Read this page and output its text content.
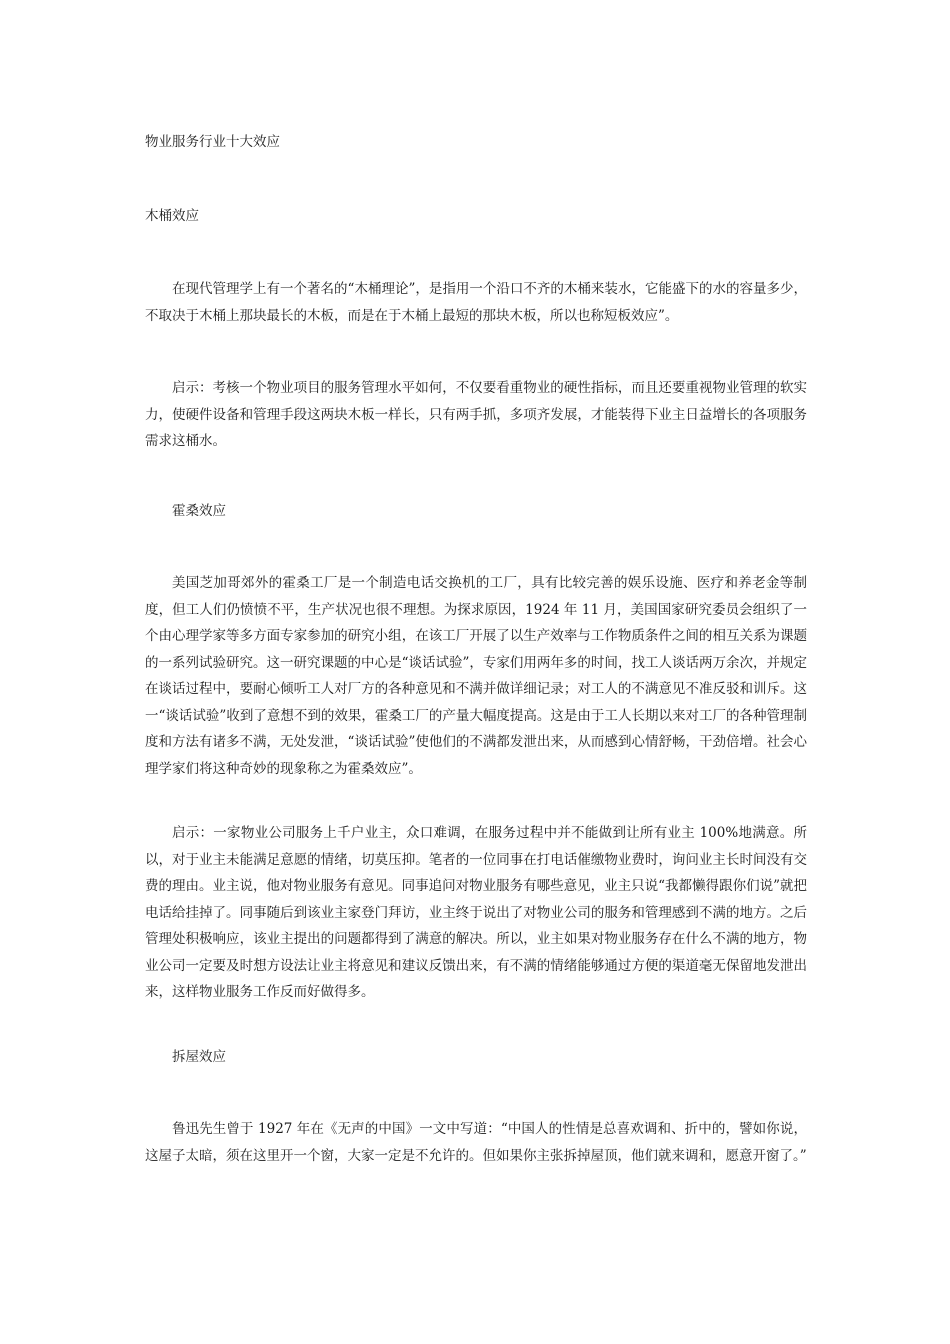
物业服务行业十大效应

木桶效应

在现代管理学上有一个著名的“木桶理论”，是指用一个沿口不齐的木桶来装水，它能盛下的水的容量多少，不取决于木桶上那块最长的木板，而是在于木桶上最短的那块木板，所以也称短板效应”。

启示：考核一个物业项目的服务管理水平如何，不仅要看重物业的硬性指标，而且还要重视物业管理的软实力，使硬件设备和管理手段这两块木板一样长，只有两手抓，多项齐发展，才能装得下业主日益增长的各项服务需求这桶水。

霍桑效应

美国芝加哥郊外的霍桑工厂是一个制造电话交换机的工厂，具有比较完善的娱乐设施、医疗和养老金等制度，但工人们仍愤愤不平，生产状况也很不理想。为探求原因，1924 年 11 月，美国国家研究委员会组织了一个由心理学家等多方面专家参加的研究小组，在该工厂开展了以生产效率与工作物质条件之间的相互关系为课题的一系列试验研究。这一研究课题的中心是“谈话试验”，专家们用两年多的时间，找工人谈话两万余次，并规定在谈话过程中，要耐心倾听工人对厂方的各种意见和不满并做详细记录；对工人的不满意见不准反驳和训斥。这一“谈话试验”收到了意想不到的效果，霍桑工厂的产量大幅度提高。这是由于工人长期以来对工厂的各种管理制度和方法有诸多不满，无处发泄，“谈话试验”使他们的不满都发泄出来，从而感到心情舒畅，干劲倍增。社会心理学家们将这种奇妙的现象称之为霍桑效应”。

启示：一家物业公司服务上千户业主，众口难调，在服务过程中并不能做到让所有业主 100%地满意。所以，对于业主未能满足意愿的情绪，切莫压抑。笔者的一位同事在打电话催缴物业费时，询问业主长时间没有交费的理由。业主说，他对物业服务有意见。同事追问对物业服务有哪些意见，业主只说“我都懒得跟你们说”就把电话给挂掉了。同事随后到该业主家登门拜访，业主终于说出了对物业公司的服务和管理感到不满的地方。之后管理处积极响应，该业主提出的问题都得到了满意的解决。所以，业主如果对物业服务存在什么不满的地方，物业公司一定要及时想方设法让业主将意见和建议反馈出来，有不满的情绪能够通过方便的渠道毫无保留地发泄出来，这样物业服务工作反而好做得多。

拆屋效应

鲁迅先生曾于 1927 年在《无声的中国》一文中写道：“中国人的性情是总喜欢调和、折中的，譬如你说，这屋子太暗，须在这里开一个窗，大家一定是不允许的。但如果你主张拆掉屋顶，他们就来调和，愿意开窗了。”
